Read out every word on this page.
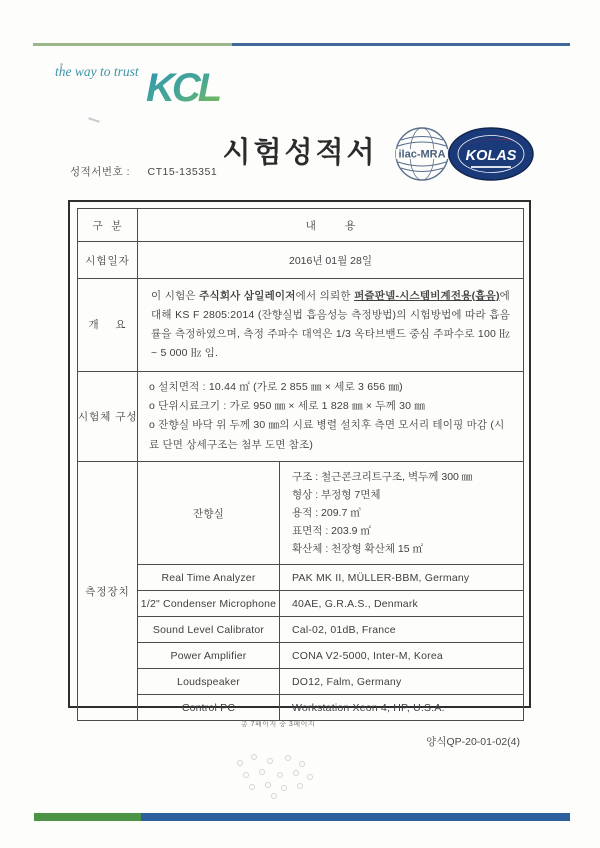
the way to trust KCL
시험성적서
성적서번호 : CT15-135351
ilac-MRA KOLAS
구  분	내          용	
시험일자	2016년 01월 28일	
개    요	이 시험은 주식회사 삼일레이저에서 의뢰한 퍼즐판넬-시스템비계전용(흡음)에 대해 KS F 2805:2014 (잔향실법 흡음성능 측정방법)의 시험방법에 따라 흡음률을 측정하였으며, 측정 주파수 대역은 1/3 옥타브밴드 중심 주파수로 100 ㎐ ~ 5 000 ㎐ 임.	
시험체 구성	o 설치면적 : 10.44 ㎡ (가로 2 855 ㎜ × 세로 3 656 ㎜)
o 단위시료크기 : 가로 950 ㎜ × 세로 1 828 ㎜ × 두께 30 ㎜
o 잔향실 바닥 위 두께 30 ㎜의 시료 병렬 설치후 측면 모서리 테이핑 마감 (시료 단면 상세구조는 첨부 도면 참조)	

측정장치	잔향실	구조 : 철근콘크리트구조, 벽두께 300 ㎜
형상 : 부정형 7면체
용적 : 209.7 ㎥
표면적 : 203.9 ㎡
확산체 : 천장형 확산체 15 ㎡

	Real Time Analyzer	PAK MK II, MÜLLER-BBM, Germany
	1/2" Condenser Microphone	40AE, G.R.A.S., Denmark
	Sound Level Calibrator	Cal-02, 01dB, France
	Power Amplifier	CONA V2-5000, Inter-M, Korea
	Loudspeaker	DO12, Falm, Germany
	Control PC	Workstation Xeon 4, HP, U.S.A.
총 7페이지 중 3페이지
양식QP-20-01-02(4)
